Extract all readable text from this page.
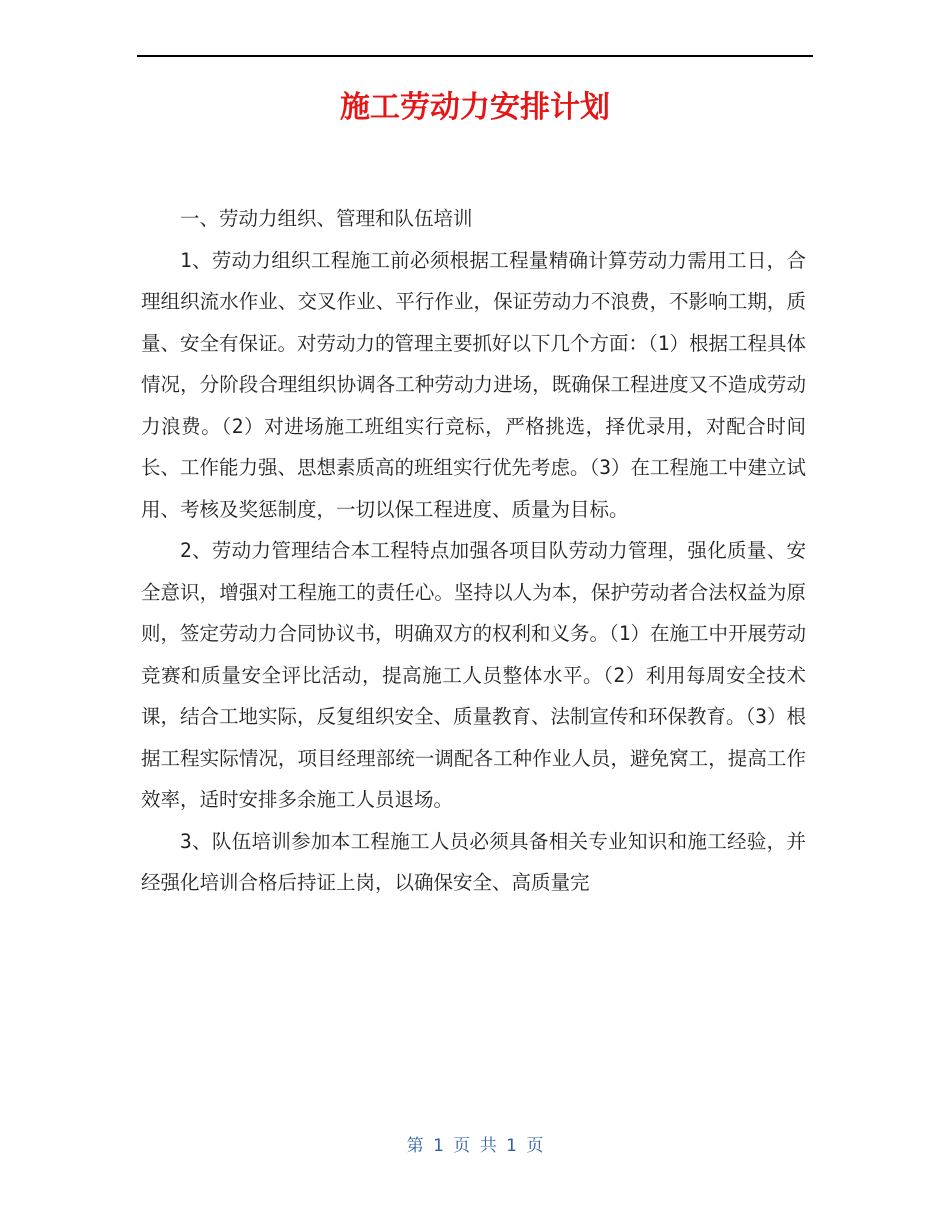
施工劳动力安排计划

一、劳动力组织、管理和队伍培训

1、劳动力组织工程施工前必须根据工程量精确计算劳动力需用工日，合理组织流水作业、交叉作业、平行作业，保证劳动力不浪费，不影响工期，质量、安全有保证。对劳动力的管理主要抓好以下几个方面：（1）根据工程具体情况，分阶段合理组织协调各工种劳动力进场，既确保工程进度又不造成劳动力浪费。（2）对进场施工班组实行竞标，严格挑选，择优录用，对配合时间长、工作能力强、思想素质高的班组实行优先考虑。（3）在工程施工中建立试用、考核及奖惩制度，一切以保工程进度、质量为目标。

2、劳动力管理结合本工程特点加强各项目队劳动力管理，强化质量、安全意识，增强对工程施工的责任心。坚持以人为本，保护劳动者合法权益为原则，签定劳动力合同协议书，明确双方的权利和义务。（1）在施工中开展劳动竞赛和质量安全评比活动，提高施工人员整体水平。（2）利用每周安全技术课，结合工地实际，反复组织安全、质量教育、法制宣传和环保教育。（3）根据工程实际情况，项目经理部统一调配各工种作业人员，避免窝工，提高工作效率，适时安排多余施工人员退场。

3、队伍培训参加本工程施工人员必须具备相关专业知识和施工经验，并经强化培训合格后持证上岗，以确保安全、高质量完

第 1 页 共 1 页
